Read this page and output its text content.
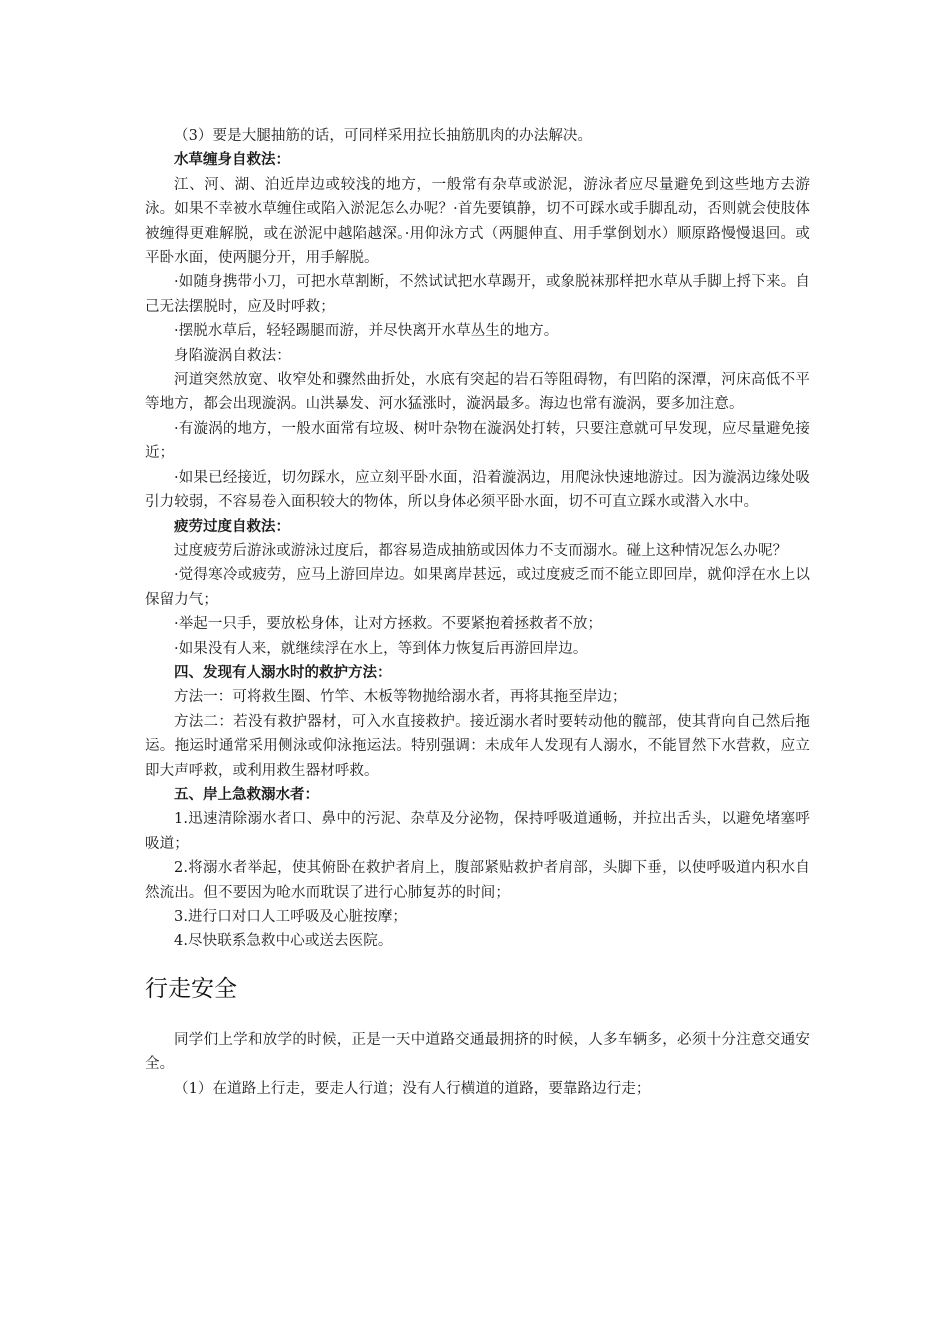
（3）要是大腿抽筋的话，可同样采用拉长抽筋肌肉的办法解决。

水草缠身自救法：

江、河、湖、泊近岸边或较浅的地方，一般常有杂草或淤泥，游泳者应尽量避免到这些地方去游泳。如果不幸被水草缠住或陷入淤泥怎么办呢？·首先要镇静，切不可踩水或手脚乱动，否则就会使肢体被缠得更难解脱，或在淤泥中越陷越深。·用仰泳方式（两腿伸直、用手掌倒划水）顺原路慢慢退回。或平卧水面，使两腿分开，用手解脱。

·如随身携带小刀，可把水草割断，不然试试把水草踢开，或象脱袜那样把水草从手脚上捋下来。自己无法摆脱时，应及时呼救；

·摆脱水草后，轻轻踢腿而游，并尽快离开水草丛生的地方。

身陷漩涡自救法：

河道突然放宽、收窄处和骤然曲折处，水底有突起的岩石等阻碍物，有凹陷的深潭，河床高低不平等地方，都会出现漩涡。山洪暴发、河水猛涨时，漩涡最多。海边也常有漩涡，要多加注意。

·有漩涡的地方，一般水面常有垃圾、树叶杂物在漩涡处打转，只要注意就可早发现，应尽量避免接近；

·如果已经接近，切勿踩水，应立刻平卧水面，沿着漩涡边，用爬泳快速地游过。因为漩涡边缘处吸引力较弱，不容易卷入面积较大的物体，所以身体必须平卧水面，切不可直立踩水或潜入水中。

疲劳过度自救法：

过度疲劳后游泳或游泳过度后，都容易造成抽筋或因体力不支而溺水。碰上这种情况怎么办呢？

·觉得寒冷或疲劳，应马上游回岸边。如果离岸甚远，或过度疲乏而不能立即回岸，就仰浮在水上以保留力气；

·举起一只手，要放松身体，让对方拯救。不要紧抱着拯救者不放；

·如果没有人来，就继续浮在水上，等到体力恢复后再游回岸边。

四、发现有人溺水时的救护方法：

方法一：可将救生圈、竹竿、木板等物抛给溺水者，再将其拖至岸边；

方法二：若没有救护器材，可入水直接救护。接近溺水者时要转动他的髋部，使其背向自己然后拖运。拖运时通常采用侧泳或仰泳拖运法。特别强调：未成年人发现有人溺水，不能冒然下水营救，应立即大声呼救，或利用救生器材呼救。

五、岸上急救溺水者：

1.迅速清除溺水者口、鼻中的污泥、杂草及分泌物，保持呼吸道通畅，并拉出舌头，以避免堵塞呼吸道；

2.将溺水者举起，使其俯卧在救护者肩上，腹部紧贴救护者肩部，头脚下垂，以使呼吸道内积水自然流出。但不要因为呛水而耽误了进行心肺复苏的时间；

3.进行口对口人工呼吸及心脏按摩；

4.尽快联系急救中心或送去医院。

行走安全

同学们上学和放学的时候，正是一天中道路交通最拥挤的时候，人多车辆多，必须十分注意交通安全。

（1）在道路上行走，要走人行道；没有人行横道的道路，要靠路边行走；
